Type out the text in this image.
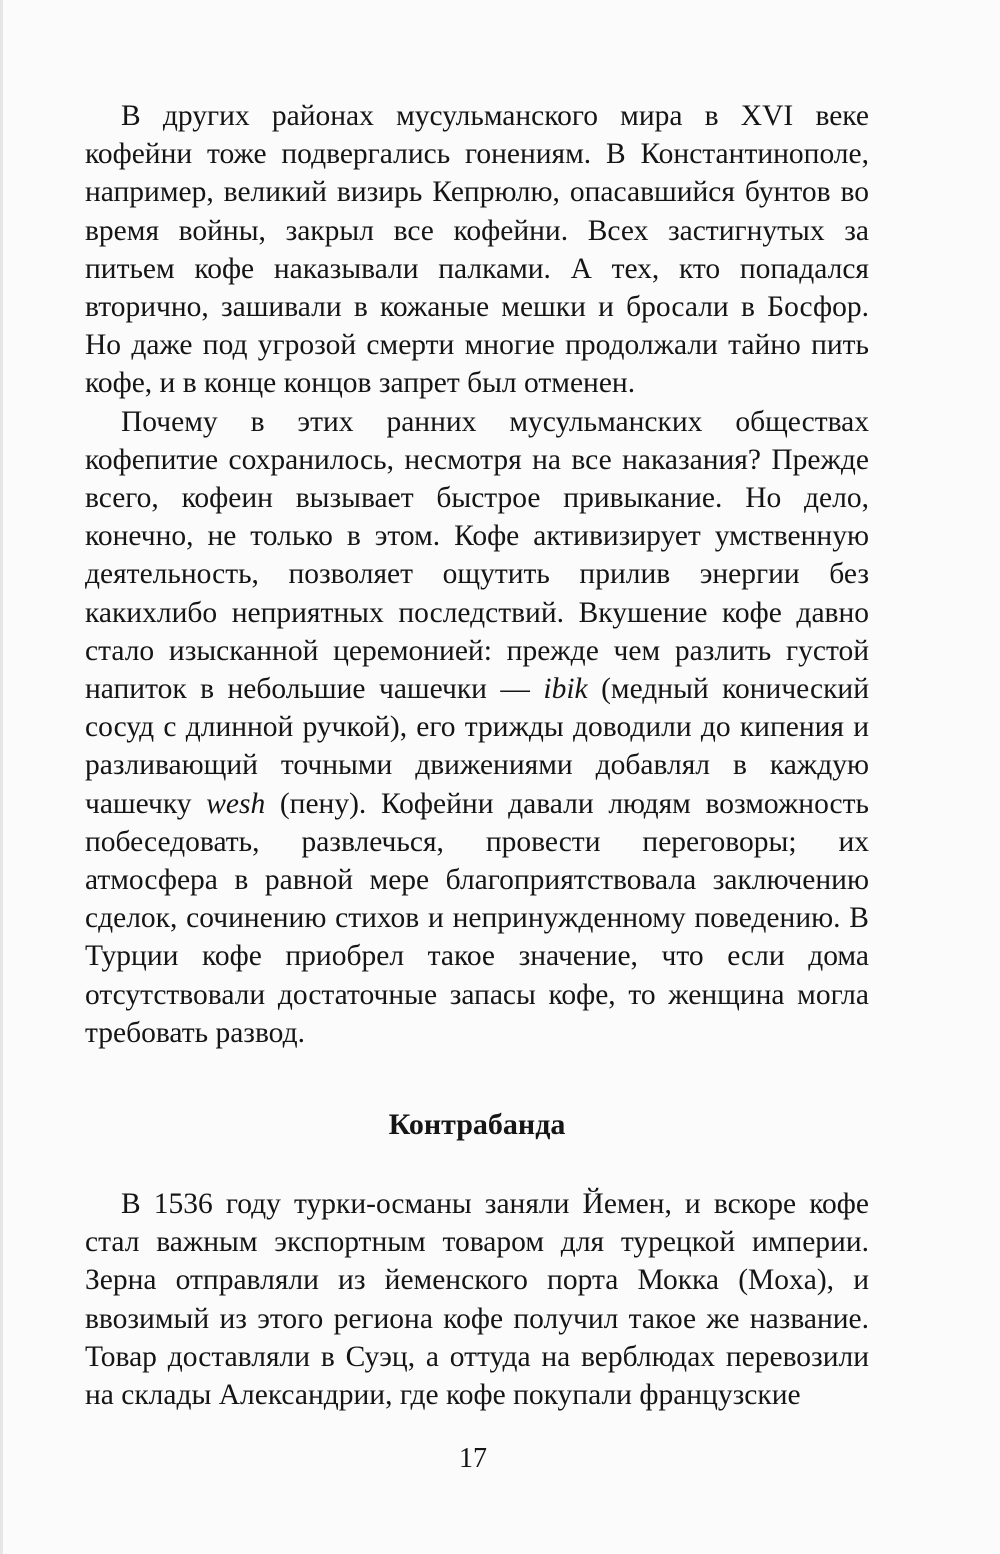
В других районах мусульманского мира в XVI веке кофейни тоже подвергались гонениям. В Константинополе, например, великий визирь Кепрюлю, опасавшийся бунтов во время войны, закрыл все кофейни. Всех застигнутых за питьем кофе наказывали палками. А тех, кто попадался вторично, зашивали в кожаные мешки и бросали в Босфор. Но даже под угрозой смерти многие продолжали тайно пить кофе, и в конце концов запрет был отменен.

Почему в этих ранних мусульманских обществах кофепитие сохранилось, несмотря на все наказания? Прежде всего, кофеин вызывает быстрое привыкание. Но дело, конечно, не только в этом. Кофе активизирует умственную деятельность, позволяет ощутить прилив энергии без какихлибо неприятных последствий. Вкушение кофе давно стало изысканной церемонией: прежде чем разлить густой напиток в небольшие чашечки — ibik (медный конический сосуд с длинной ручкой), его трижды доводили до кипения и разливающий точными движениями добавлял в каждую чашечку wesh (пену). Кофейни давали людям возможность побеседовать, развлечься, провести переговоры; их атмосфера в равной мере благоприятствовала заключению сделок, сочинению стихов и непринужденному поведению. В Турции кофе приобрел такое значение, что если дома отсутствовали достаточные запасы кофе, то женщина могла требовать развод.

Контрабанда

В 1536 году турки-османы заняли Йемен, и вскоре кофе стал важным экспортным товаром для турецкой империи. Зерна отправляли из йеменского порта Мокка (Moxa), и ввозимый из этого региона кофе получил такое же название. Товар доставляли в Суэц, а оттуда на верблюдах перевозили на склады Александрии, где кофе покупали французские

17
